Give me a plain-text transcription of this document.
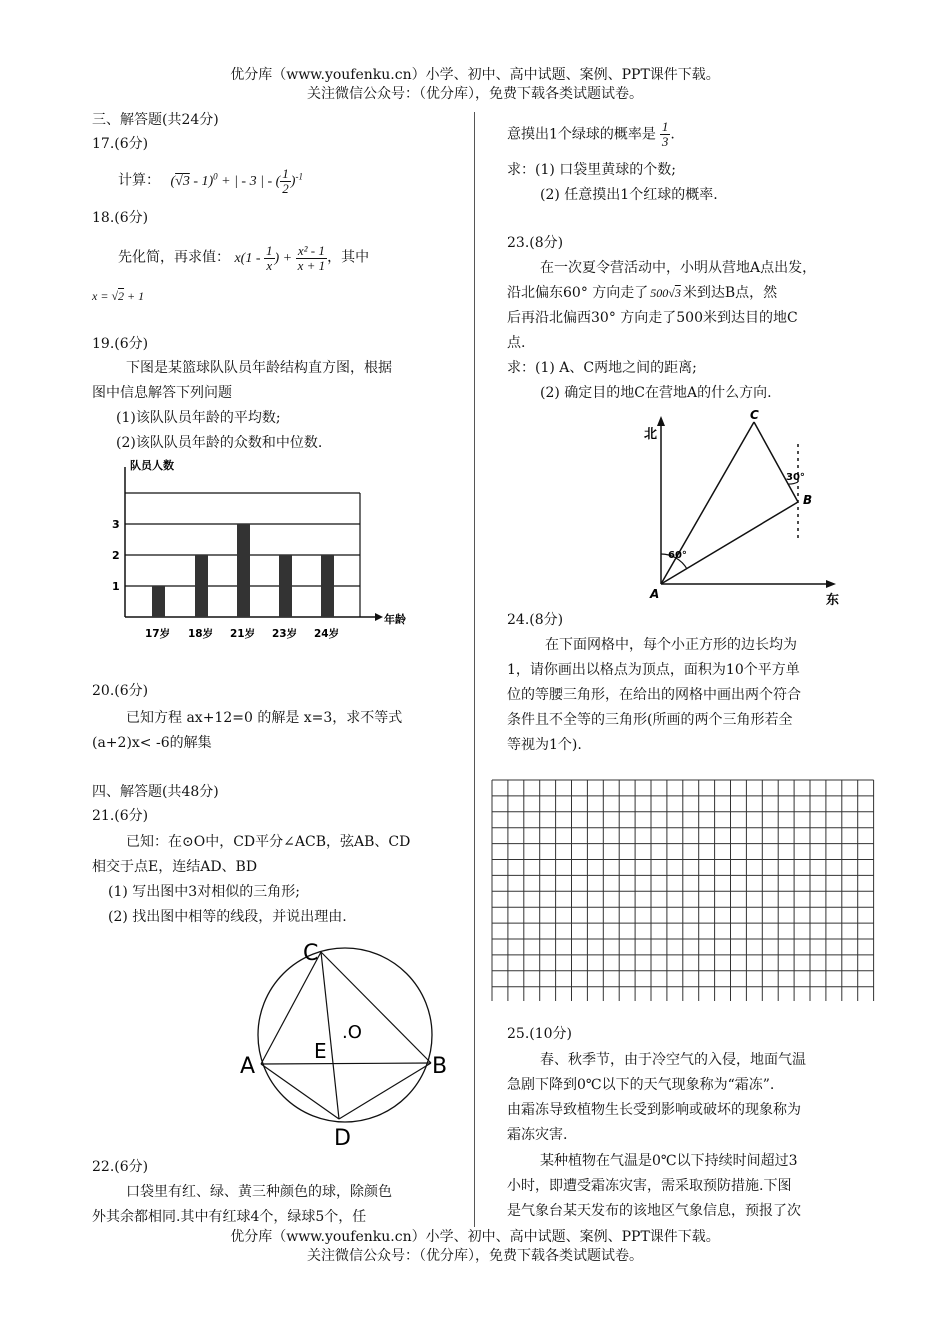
优分库（www.youfenku.cn）小学、初中、高中试题、案例、PPT课件下载。
关注微信公众号：（优分库），免费下载各类试题试卷。
三、解答题(共24分)
17.(6分)
计算： (√3 - 1)$^0$ + | - 3 | - ( $\frac{1}{2} )^{-1}$
18.(6分)
先化简，再求值： $x(1 - \frac{1}{x}$ ) + $\frac{\text{x² - 1}}{x + 1}$ ，其中
x = √2 + 1
19.(6分)
下图是某篮球队队员年龄结构直方图，根据
图中信息解答下列问题
(1)该队队员年龄的平均数;
(2)该队队员年龄的众数和中位数.
队员人数
年龄
1
2
3
17岁 18岁 21岁 23岁 24岁
20.(6分)
已知方程 ax+12=0 的解是 x=3，求不等式
(a+2)x< -6的解集
四、解答题(共48分)
21.(6分)
已知：在⊙O中，CD平分∠ACB，弦AB、CD
相交于点E，连结AD、BD
(1) 写出图中3对相似的三角形;
(2) 找出图中相等的线段，并说出理由.
C
A	B
D
E
.O
22.(6分)
口袋里有红、绿、黄三种颜色的球，除颜色
外其余都相同.其中有红球4个，绿球5个，任
意摸出1个绿球的概率是 $\frac{1}{3}$ .
求：(1) 口袋里黄球的个数;
(2) 任意摸出1个红球的概率.
23.(8分)
在一次夏令营活动中，小明从营地A点出发，
沿北偏东60° 方向走了 500√3 米到达B点，然
后再沿北偏西30° 方向走了500米到达目的地C
点.
求：(1) A、C两地之间的距离;
(2) 确定目的地C在营地A的什么方向.
北
东
60°
30°
C
B
A
24.(8分)
在下面网格中，每个小正方形的边长均为
1，请你画出以格点为顶点，面积为10个平方单
位的等腰三角形，在给出的网格中画出两个符合
条件且不全等的三角形(所画的两个三角形若全
等视为1个).
25.(10分)
春、秋季节，由于冷空气的入侵，地面气温
急剧下降到0℃以下的天气现象称为“霜冻”.
由霜冻导致植物生长受到影响或破坏的现象称为
霜冻灾害.
某种植物在气温是0℃以下持续时间超过3
小时，即遭受霜冻灾害，需采取预防措施.下图
是气象台某天发布的该地区气象信息，预报了次
优分库（www.youfenku.cn）小学、初中、高中试题、案例、PPT课件下载。
关注微信公众号：（优分库），免费下载各类试题试卷。
